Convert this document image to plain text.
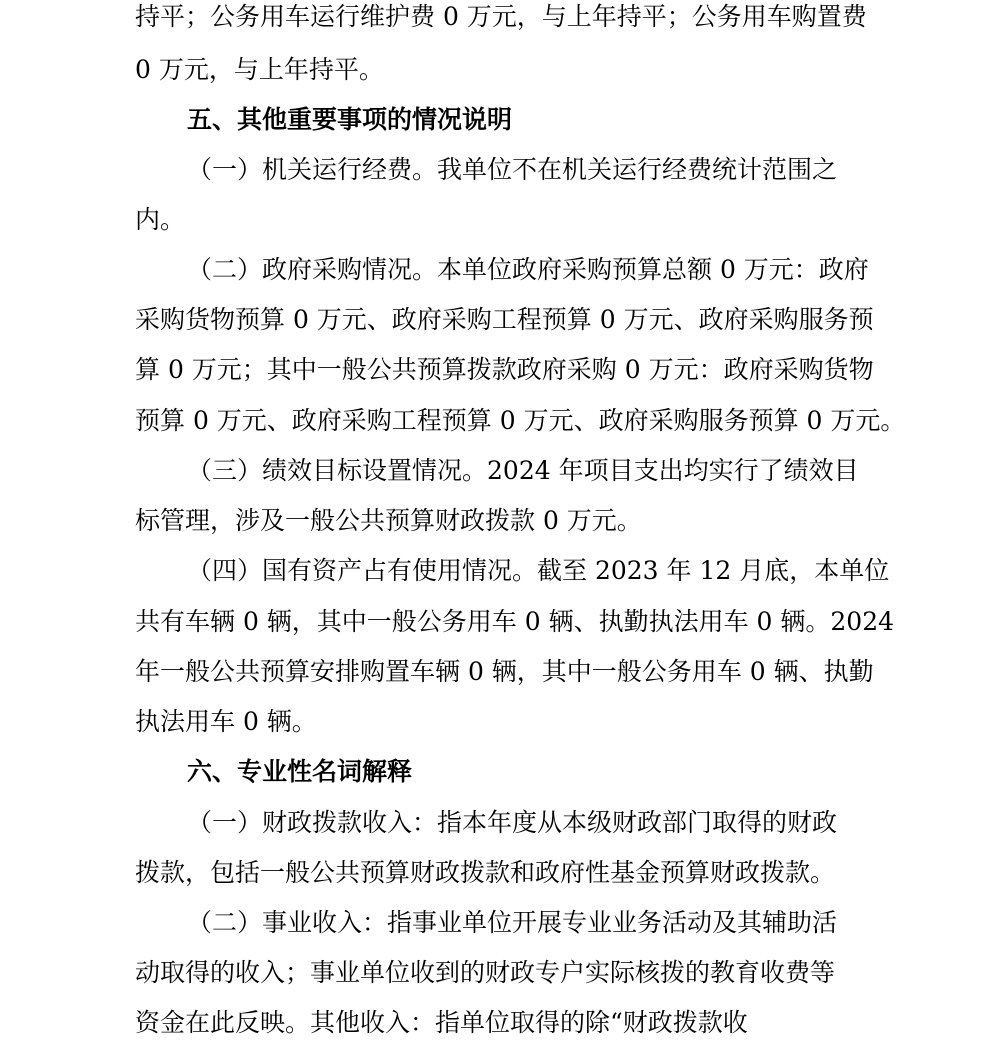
持平；公务用车运行维护费 0 万元，与上年持平；公务用车购置费
0 万元，与上年持平。
五、其他重要事项的情况说明
（一）机关运行经费。我单位不在机关运行经费统计范围之
内。
（二）政府采购情况。本单位政府采购预算总额 0 万元：政府
采购货物预算 0 万元、政府采购工程预算 0 万元、政府采购服务预
算 0 万元；其中一般公共预算拨款政府采购 0 万元：政府采购货物
预算 0 万元、政府采购工程预算 0 万元、政府采购服务预算 0 万元。
（三）绩效目标设置情况。2024 年项目支出均实行了绩效目
标管理，涉及一般公共预算财政拨款 0 万元。
（四）国有资产占有使用情况。截至 2023 年 12 月底，本单位
共有车辆 0 辆，其中一般公务用车 0 辆、执勤执法用车 0 辆。2024
年一般公共预算安排购置车辆 0 辆，其中一般公务用车 0 辆、执勤
执法用车 0 辆。
六、专业性名词解释
（一）财政拨款收入：指本年度从本级财政部门取得的财政
拨款，包括一般公共预算财政拨款和政府性基金预算财政拨款。
（二）事业收入：指事业单位开展专业业务活动及其辅助活
动取得的收入；事业单位收到的财政专户实际核拨的教育收费等
资金在此反映。其他收入：指单位取得的除“财政拨款收
